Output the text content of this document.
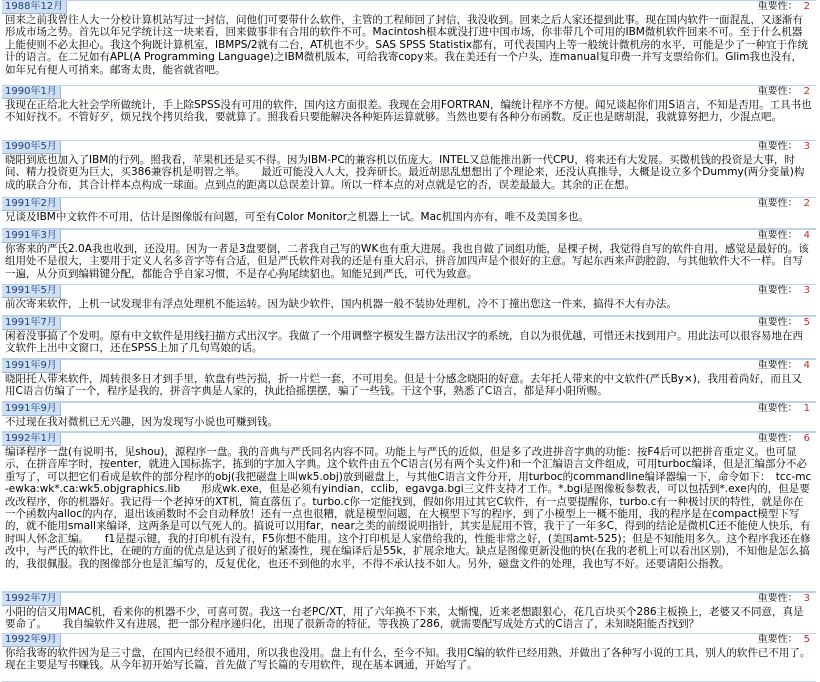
1988年12月	重要性： 2
回来之前我曾往人大一分校计算机站写过一封信，问他们可要带什么软件，主管的工程师回了封信，我没收到。回来之后人家还提到此事。现在国内软件一面混乱，又逐渐有形成市场之势。首先以年兄学统计这一块来看，回来做事非有合用的软件不可。Macintosh根本就没打进中国市场，你非带几个可用的IBM微机软件回来不可。至于什么机器上能使则不必太担心。我这个狗既计算机室，IBMPS/2就有二台，AT机也不少。SAS SPSS Statistix都有，可代表国内上等一般统计微机房的水平，可能是少了一种宜于作统计的语言。在二兄如有APL(A Programming Language)之IBM微机版本，可给我寄copy来。我在美还有一个户头，连manual复印费一并写支票给你们。Glim我也没有，如年兄有便人可捎来。邮寄太贵，能省就省吧。
1990年1月	重要性： 2
我现在正给北大社会学所做统计，手上除SPSS没有可用的软件，国内这方面很差。我现在会用FORTRAN，编统计程序不方便。闻兄谈起你们用S语言，不知是否用。工具书也不知好找不。不管好歹，烦兄找个拷贝给我，要就算了。照我看只要能解决各种矩阵运算就够。当然也要有各种分布函数。反正也是瞎胡混，我就算努把力，少混点吧。
1990年5月	重要性： 3
晓阳到底也加入了IBM的行列。照我看，苹果机还是买不得。因为IBM-PC的兼容机以伍庞大。INTEL又总能推出新一代CPU，将来还有大发展。买微机钱的投资是大事，时间、精力投资更为巨大，买386兼容机是明智之举。　　最近可能没入人大，投奔研长。最近胡思乱想想出了个理论来，还没认真推导，大概是设立多个Dummy(两分变量)构成的联合分布，其合计样本点构成一球面。点到点的距离以总误差计算。所以一样本点的对点就是它的否，误差最最大。其余的正在想。
1991年2月	重要性： 2
兄谈及IBM中文软件不可用，估计是图像版有问题，可至有Color Monitor之机器上一试。Mac机国内亦有，唯不及美国多也。
1991年3月	重要性： 4
你寄来的严氏2.0A我也收到，还没用。因为一者是3盘要倒，二者我自己写的WK也有重大进展。我也自做了词组功能，是棵子树，我觉得自写的软件自用，感觉是最好的。该组用处不是很大，主要用于定义人名多音字等有合适，但是严氏软件对我的还是有重大启示，拼音加四声是个很好的主意。写起东西来声韵腔韵，与其他软件大不一样。自写一遍，从分页到编辑键分配，都能合乎自家习惯，不是存心狗尾续貂也。知能兄到严氏，可代为致意。
1991年5月	重要性： 3
前次寄来软件，上机一试发现非有浮点处理机不能运转。因为缺少软件，国内机器一般不装协处理机，冷不丁撞出您这一件来，搞得不大有办法。
1991年7月	重要性： 5
闲着没事搞了个发明。原有中文软件是用线扫描方式出汉字。我做了一个用调整字模发生器方法出汉字的系统，自以为很优越，可惜还未找到用户。用此法可以很容易地在西文软件上出中文窗口，还在SPSS上加了几句骂娘的话。
1991年9月	重要性： 4
晓阳托人带来软件，周转很多日才到手里，软盘有些污损，折一片烂一套，不可用矣。但是十分感念晓阳的好意。去年托人带来的中文软件(严氏By×)，我用着尚好，而且又用C语言仿编了一个，程序是我的，拼音字典是人家的，执此拾摇摆摆，骗了一些钱。干这个事，熟悉了C语言，都是拜小阳所赐。
1991年9月	重要性： 1
不过现在我对微机已无兴趣，因为发现写小说也可赚到钱。
1992年1月	重要性： 6
编译程序一盘(有说明书，见shou)，源程序一盘。我的音典与严氏同名内容不同。功能上与严氏的近似，但是多了改进拼音字典的功能：按F4后可以把拼音重定义。也可显示，在拼音库字时，按enter，就进入国标拣字，拣到的字加入字典。这个软件由五个C语言(另有两个头文件)和一个汇编语言文件组成，可用turboc编译，但是汇编部分不必重写了，可以把它们看成是软件的部分程序的obj(我把磁盘上叫wk5.obj)放到磁盘上，与其他C语言文件分开，用turboc的commandline编译器编一下，命令如下：　tcc-mc-ewka:wk*.ca:wk5.objgraphics.lib　　形成wk.exe，但是必须有yindian，cclib，egavga.bgi三文件支持才工作。*.bgi是图像板参数表，可以包括到*.exe内的，但是要改改程序，你的机器好。我记得一个老掉牙的XT机，简直落伍了。turbo.c你一定能找到，假如你用过其它C软件，有一点要提醒你，turbo.c有一种极讨厌的特性，就是你在一个函数内alloc的内存，退出该函数时不会自动释放！还有一点也很糟，就是模型问题，在大模型下写的程序，到了小模型上一概不能用，我的程序是在compact模型下写的，就不能用small来编译，这两条是可以气死人的。搞说可以用far，near之类的前缀说明指针，其实是屁用不管，我干了一年多C，得到的结论是微机C还不能使人快乐，有时叫人怀念汇编。　　f1是提示键，我的打印机有没有，F5你想不能用。这个打印机是人家借给我的，性能非常之好，(美国amt-525)；但是不知能用多久。这个程序我还在修改中，与严氏的软件比，在硬的方面的优点是达到了很好的紧凑性，现在编译后是55k，扩展余地大。缺点是图像更新没他的快(在我的老机上可以看出区别)，不知他是怎么搞的，我很佩服。我的图像部分也是汇编写的，反复优化，也还不到他的水平，不得不承认技不如人。另外，磁盘文件的处理，我也写不好。还要请阳公指教。
1992年7月	重要性： 3
小阳的信又用MAC机，看来你的机器不少，可喜可贺。我这一台老PC/XT，用了六年换不下来，太惭愧，近来老想跟狠心，花几百块买个286主板换上，老婆又不同意，真是要命了。　　我自编软件又有进展，把一部分程序递归化，出现了很新奇的特征，等我换了286，就需要配写成处方式的C语言了，未知晓阳能否找到？
1992年9月	重要性： 5
你给我寄的软件因为是三寸盘，在国内已经很不通用，所以我也没用。盘上有什么，至今不知。我用C编的软件已经用熟，并做出了各种写小说的工具，别人的软件已不用了。现在主要是写书赚钱。从今年初开始写长篇，首先做了写长篇的专用软件，现在基本调通，开始写了。
